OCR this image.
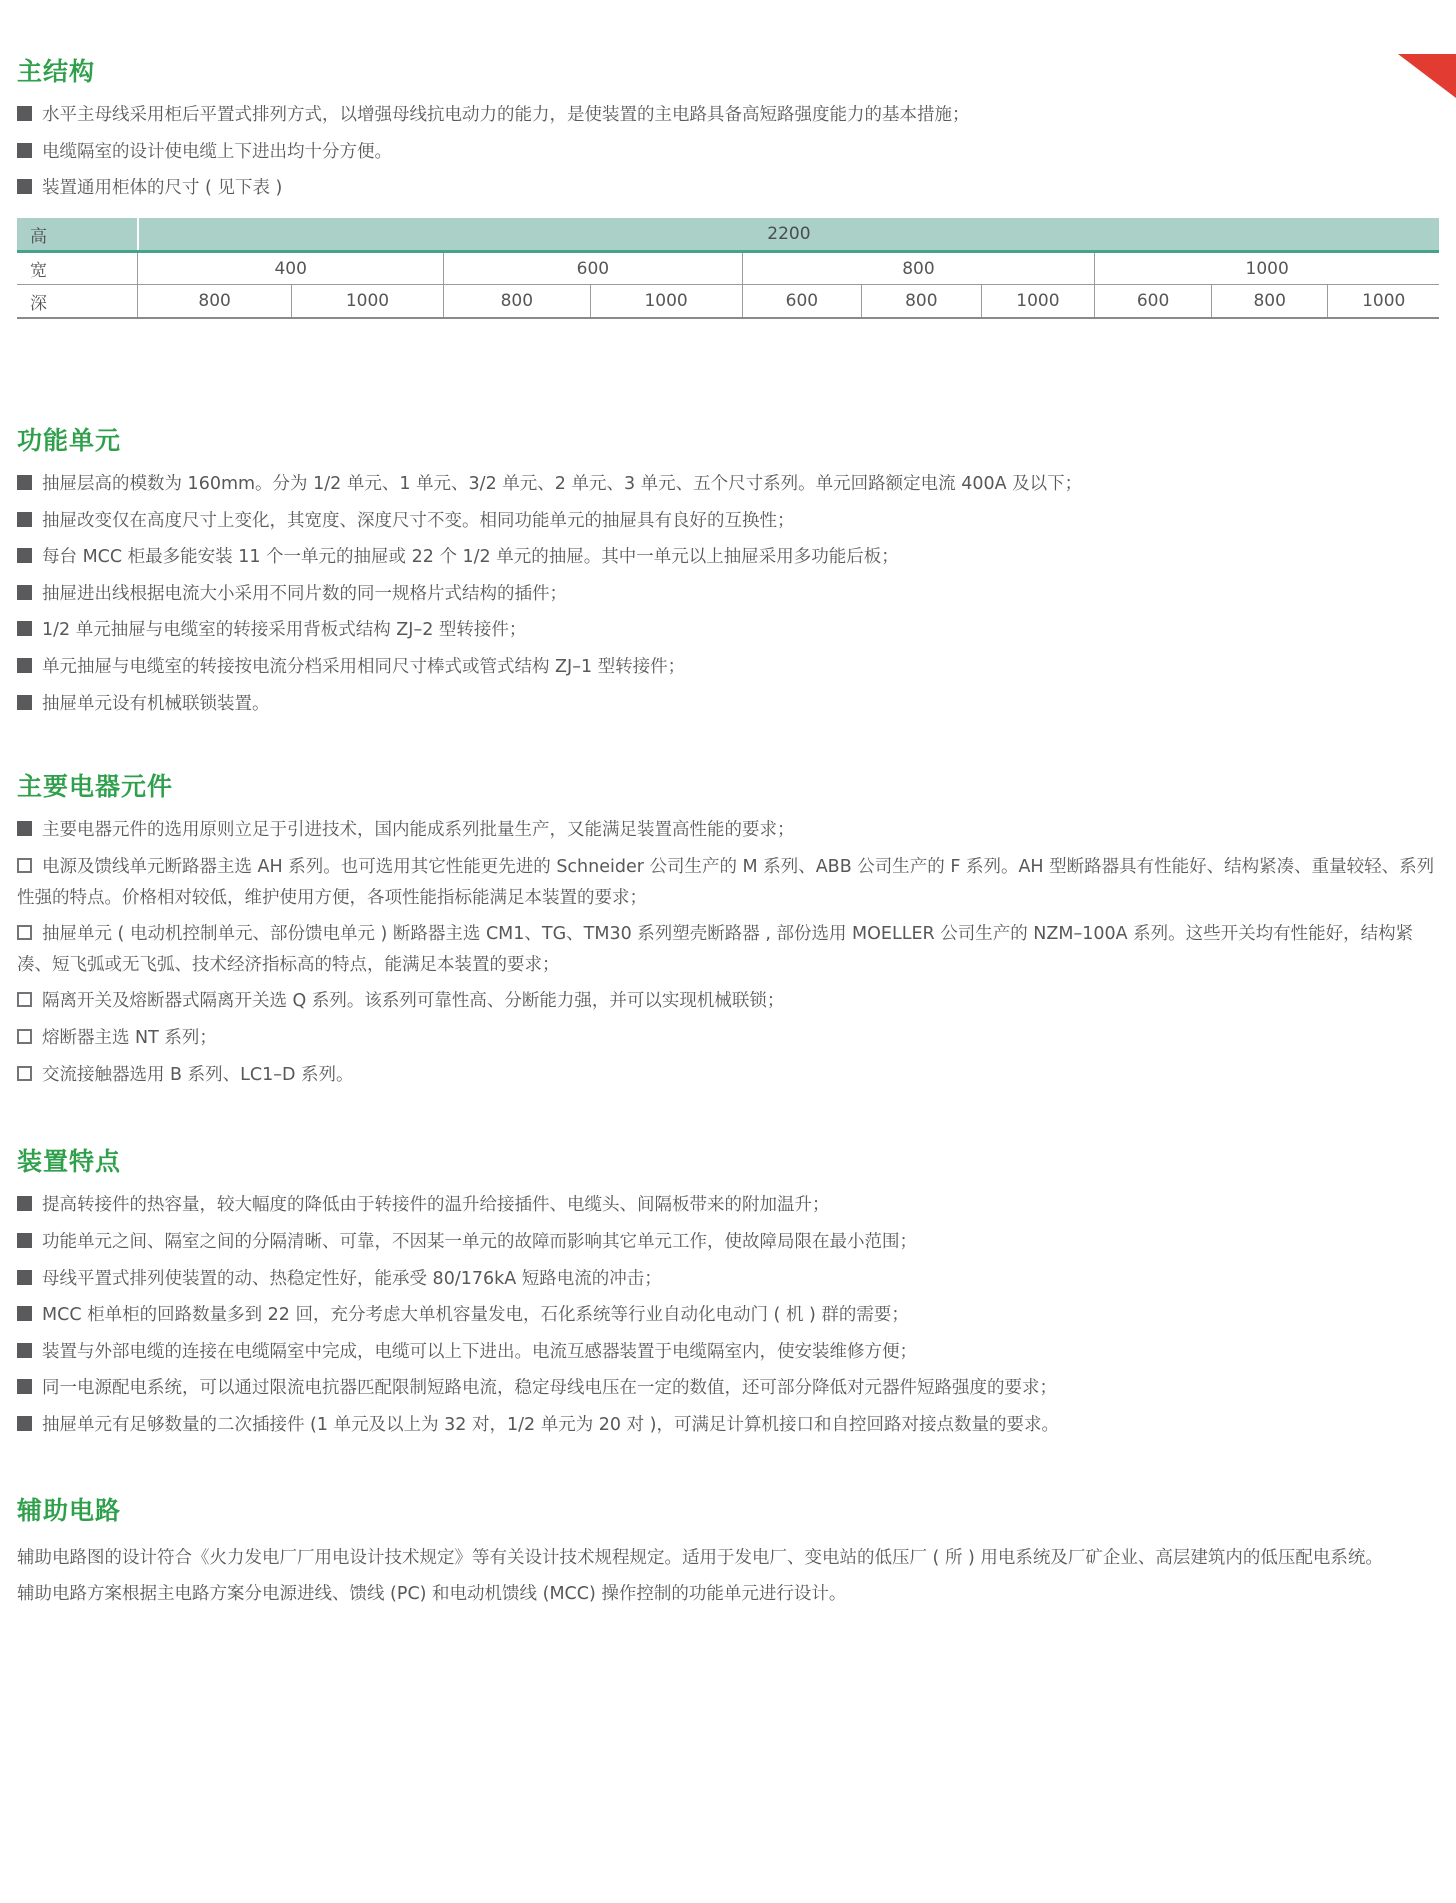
主结构

水平主母线采用柜后平置式排列方式，以增强母线抗电动力的能力，是使装置的主电路具备高短路强度能力的基本措施；

电缆隔室的设计使电缆上下进出均十分方便。

装置通用柜体的尺寸 ( 见下表 )

高	2200									
宽	400		600		800			1000		
深	800	1000	800	1000	600	800	1000	600	800	1000
功能单元

抽屉层高的模数为 160mm。分为 1/2 单元、1 单元、3/2 单元、2 单元、3 单元、五个尺寸系列。单元回路额定电流 400A 及以下；

抽屉改变仅在高度尺寸上变化，其宽度、深度尺寸不变。相同功能单元的抽屉具有良好的互换性；

每台 MCC 柜最多能安装 11 个一单元的抽屉或 22 个 1/2 单元的抽屉。其中一单元以上抽屉采用多功能后板；

抽屉进出线根据电流大小采用不同片数的同一规格片式结构的插件；

1/2 单元抽屉与电缆室的转接采用背板式结构 ZJ–2 型转接件；

单元抽屉与电缆室的转接按电流分档采用相同尺寸棒式或管式结构 ZJ–1 型转接件；

抽屉单元设有机械联锁装置。

主要电器元件

主要电器元件的选用原则立足于引进技术，国内能成系列批量生产，又能满足装置高性能的要求；

电源及馈线单元断路器主选 AH 系列。也可选用其它性能更先进的 Schneider 公司生产的 M 系列、ABB 公司生产的 F 系列。AH 型断路器具有性能好、结构紧凑、重量较轻、系列性强的特点。价格相对较低，维护使用方便，各项性能指标能满足本装置的要求；

抽屉单元 ( 电动机控制单元、部份馈电单元 ) 断路器主选 CM1、TG、TM30 系列塑壳断路器 , 部份选用 MOELLER 公司生产的 NZM–100A 系列。这些开关均有性能好，结构紧凑、短飞弧或无飞弧、技术经济指标高的特点，能满足本装置的要求；

隔离开关及熔断器式隔离开关选 Q 系列。该系列可靠性高、分断能力强，并可以实现机械联锁；

熔断器主选 NT 系列；

交流接触器选用 B 系列、LC1–D 系列。

装置特点

提高转接件的热容量，较大幅度的降低由于转接件的温升给接插件、电缆头、间隔板带来的附加温升；

功能单元之间、隔室之间的分隔清晰、可靠，不因某一单元的故障而影响其它单元工作，使故障局限在最小范围；

母线平置式排列使装置的动、热稳定性好，能承受 80/176kA 短路电流的冲击；

MCC 柜单柜的回路数量多到 22 回，充分考虑大单机容量发电，石化系统等行业自动化电动门 ( 机 ) 群的需要；

装置与外部电缆的连接在电缆隔室中完成，电缆可以上下进出。电流互感器装置于电缆隔室内，使安装维修方便；

同一电源配电系统，可以通过限流电抗器匹配限制短路电流，稳定母线电压在一定的数值，还可部分降低对元器件短路强度的要求；

抽屉单元有足够数量的二次插接件 (1 单元及以上为 32 对，1/2 单元为 20 对 )，可满足计算机接口和自控回路对接点数量的要求。

辅助电路

辅助电路图的设计符合《火力发电厂厂用电设计技术规定》等有关设计技术规程规定。适用于发电厂、变电站的低压厂 ( 所 ) 用电系统及厂矿企业、高层建筑内的低压配电系统。

辅助电路方案根据主电路方案分电源进线、馈线 (PC) 和电动机馈线 (MCC) 操作控制的功能单元进行设计。
